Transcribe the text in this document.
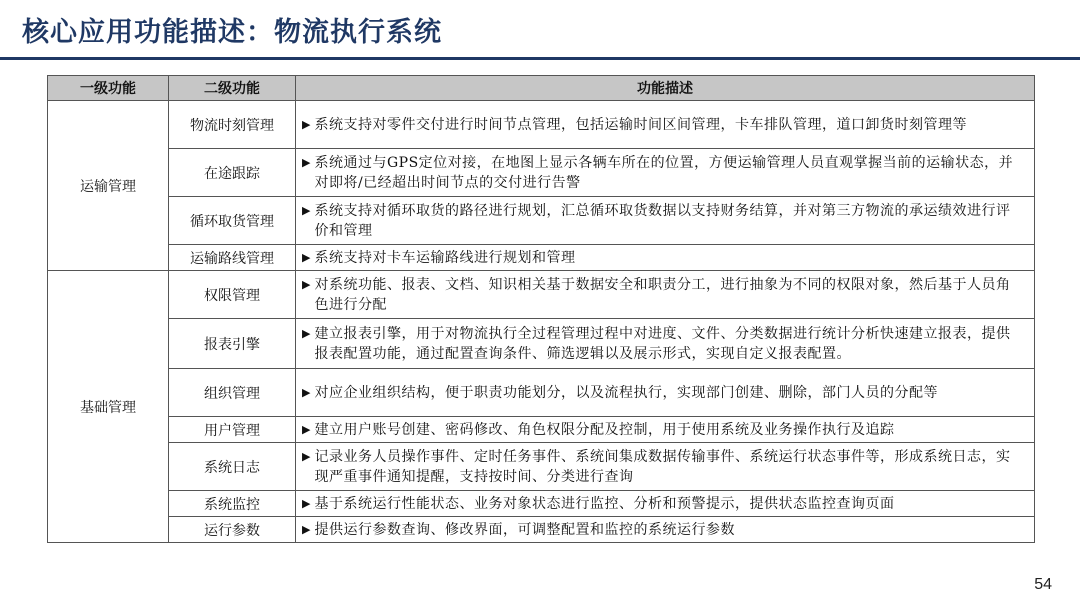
核心应用功能描述：物流执行系统
一级功能	二级功能	功能描述
运输管理	物流时刻管理	▶ 系统支持对零件交付进行时间节点管理，包括运输时间区间管理，卡车排队管理，道口卸货时刻管理等

	在途跟踪	▶ 系统通过与GPS定位对接，在地图上显示各辆车所在的位置，方便运输管理人员直观掌握当前的运输状态，并对即将/已经超出时间节点的交付进行告警

	循环取货管理	▶ 系统支持对循环取货的路径进行规划，汇总循环取货数据以支持财务结算，并对第三方物流的承运绩效进行评价和管理

	运输路线管理	▶ 系统支持对卡车运输路线进行规划和管理

基础管理	权限管理	▶ 对系统功能、报表、文档、知识相关基于数据安全和职责分工，进行抽象为不同的权限对象，然后基于人员角色进行分配

	报表引擎	▶ 建立报表引擎，用于对物流执行全过程管理过程中对进度、文件、分类数据进行统计分析快速建立报表，提供报表配置功能，通过配置查询条件、筛选逻辑以及展示形式，实现自定义报表配置。

	组织管理	▶ 对应企业组织结构，便于职责功能划分，以及流程执行，实现部门创建、删除，部门人员的分配等

	用户管理	▶ 建立用户账号创建、密码修改、角色权限分配及控制，用于使用系统及业务操作执行及追踪

	系统日志	▶ 记录业务人员操作事件、定时任务事件、系统间集成数据传输事件、系统运行状态事件等，形成系统日志，实现严重事件通知提醒，支持按时间、分类进行查询

	系统监控	▶ 基于系统运行性能状态、业务对象状态进行监控、分析和预警提示，提供状态监控查询页面

	运行参数	▶ 提供运行参数查询、修改界面，可调整配置和监控的系统运行参数
54
